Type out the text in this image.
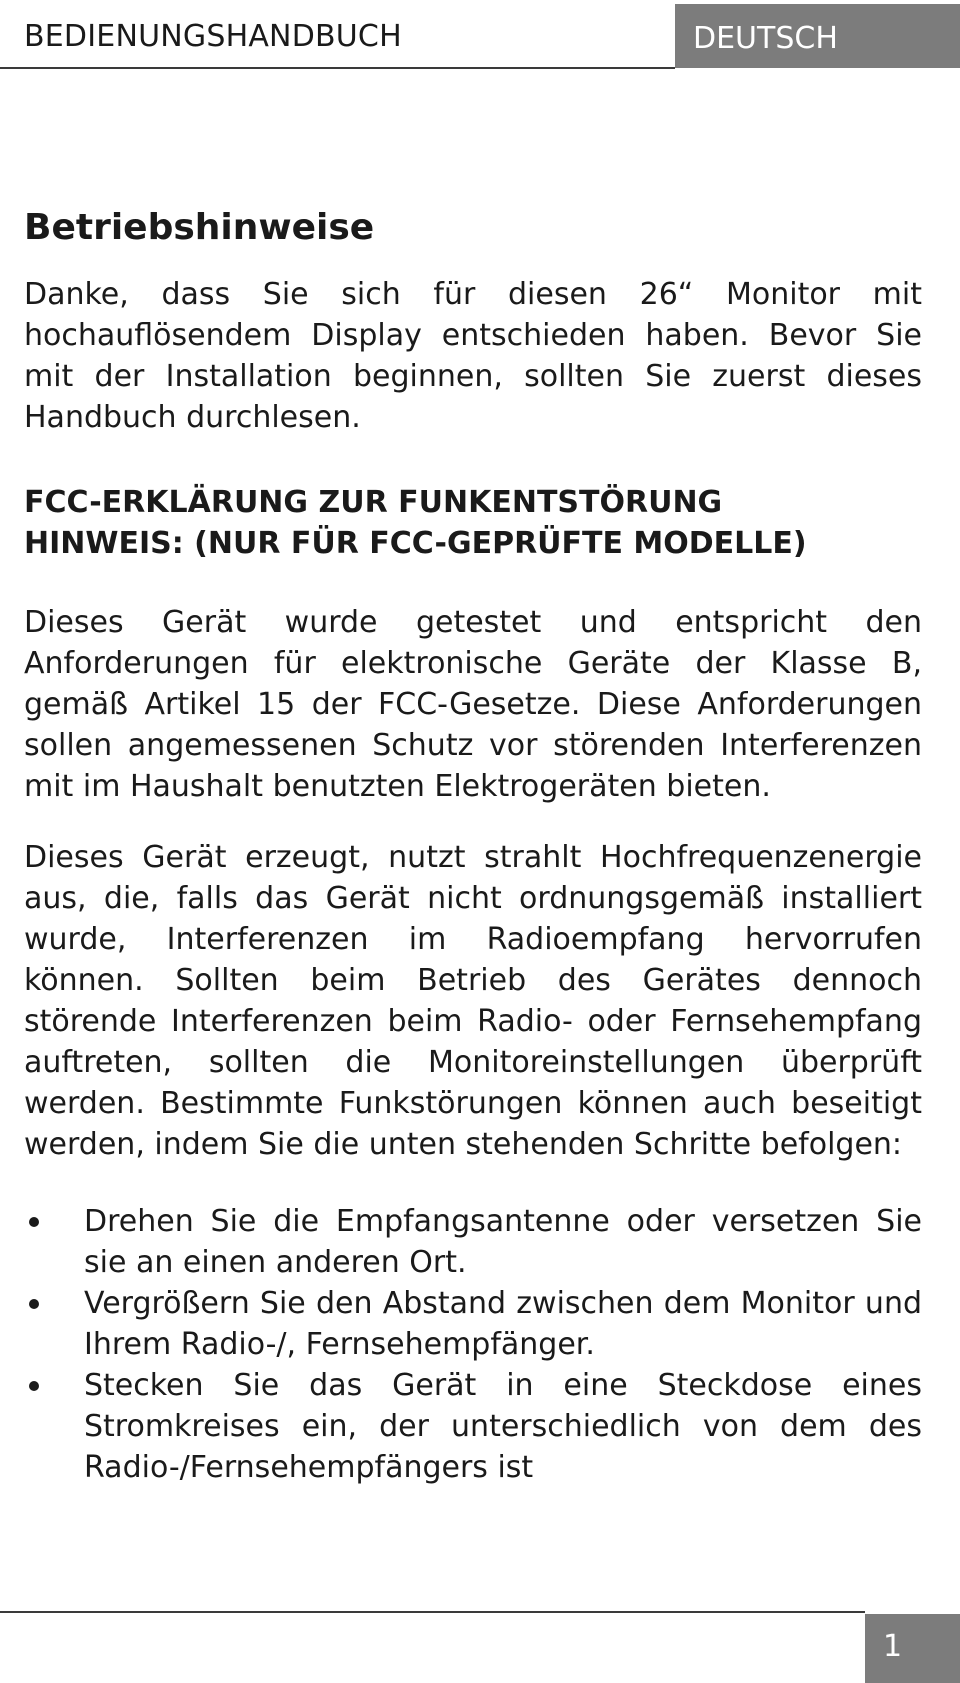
BEDIENUNGSHANDBUCH	DEUTSCH
Betriebshinweise

Danke, dass Sie sich für diesen 26“ Monitor mit hochauflösendem Display entschieden haben. Bevor Sie mit der Installation beginnen, sollten Sie zuerst dieses Handbuch durchlesen.

FCC-ERKLÄRUNG ZUR FUNKENTSTÖRUNG
HINWEIS: (NUR FÜR FCC-GEPRÜFTE MODELLE)

Dieses Gerät wurde getestet und entspricht den Anforderungen für elektronische Geräte der Klasse B, gemäß Artikel 15 der FCC-Gesetze. Diese Anforderungen sollen angemessenen Schutz vor störenden Interferenzen mit im Haushalt benutzten Elektrogeräten bieten.

Dieses Gerät erzeugt, nutzt strahlt Hochfrequenzenergie aus, die, falls das Gerät nicht ordnungsgemäß installiert wurde, Interferenzen im Radioempfang hervorrufen können. Sollten beim Betrieb des Gerätes dennoch störende Interferenzen beim Radio- oder Fernsehempfang auftreten, sollten die Monitoreinstellungen überprüft werden. Bestimmte Funkstörungen können auch beseitigt werden, indem Sie die unten stehenden Schritte befolgen:

Drehen Sie die Empfangsantenne oder versetzen Sie sie an einen anderen Ort.
Vergrößern Sie den Abstand zwischen dem Monitor und Ihrem Radio-/, Fernsehempfänger.
Stecken Sie das Gerät in eine Steckdose eines Stromkreises ein, der unterschiedlich von dem des Radio-/Fernsehempfängers ist
1
